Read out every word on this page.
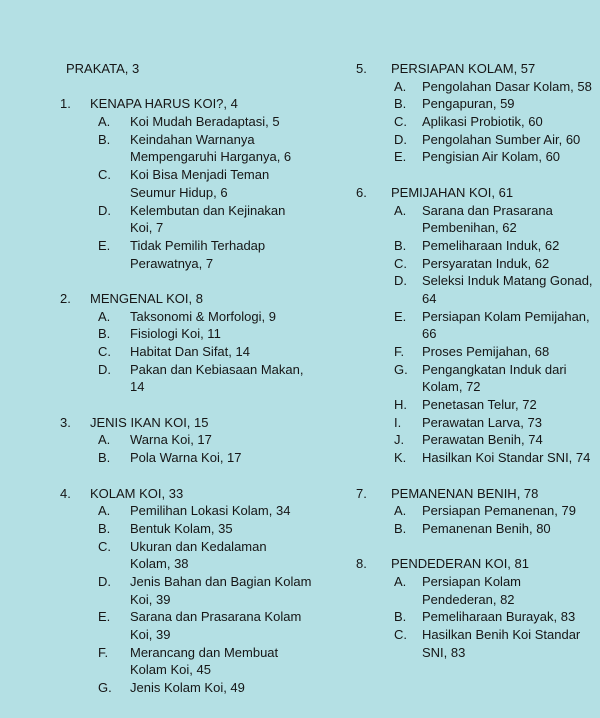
PRAKATA, 3
1. KENAPA HARUS KOI?, 4
A. Koi Mudah Beradaptasi, 5
B. Keindahan Warnanya
Mempengaruhi Harganya, 6
C. Koi Bisa Menjadi Teman
Seumur Hidup, 6
D. Kelembutan dan Kejinakan
Koi, 7
E. Tidak Pemilih Terhadap
Perawatnya, 7
2. MENGENAL KOI, 8
A. Taksonomi & Morfologi, 9
B. Fisiologi Koi, 11
C. Habitat Dan Sifat, 14
D. Pakan dan Kebiasaan Makan,
14
3. JENIS IKAN KOI, 15
A. Warna Koi, 17
B. Pola Warna Koi, 17
4. KOLAM KOI, 33
A. Pemilihan Lokasi Kolam, 34
B. Bentuk Kolam, 35
C. Ukuran dan Kedalaman
Kolam, 38
D. Jenis Bahan dan Bagian Kolam
Koi, 39
E. Sarana dan Prasarana Kolam
Koi, 39
F. Merancang dan Membuat
Kolam Koi, 45
G. Jenis Kolam Koi, 49
5. PERSIAPAN KOLAM, 57
A. Pengolahan Dasar Kolam, 58
B. Pengapuran, 59
C. Aplikasi Probiotik, 60
D. Pengolahan Sumber Air, 60
E. Pengisian Air Kolam, 60
6. PEMIJAHAN KOI, 61
A. Sarana dan Prasarana
Pembenihan, 62
B. Pemeliharaan Induk, 62
C. Persyaratan Induk, 62
D. Seleksi Induk Matang Gonad,
64
E. Persiapan Kolam Pemijahan,
66
F. Proses Pemijahan, 68
G. Pengangkatan Induk dari
Kolam, 72
H. Penetasan Telur, 72
I. Perawatan Larva, 73
J. Perawatan Benih, 74
K. Hasilkan Koi Standar SNI, 74
7. PEMANENAN BENIH, 78
A. Persiapan Pemanenan, 79
B. Pemanenan Benih, 80
8. PENDEDERAN KOI, 81
A. Persiapan Kolam
Pendederan, 82
B. Pemeliharaan Burayak, 83
C. Hasilkan Benih Koi Standar
SNI, 83
